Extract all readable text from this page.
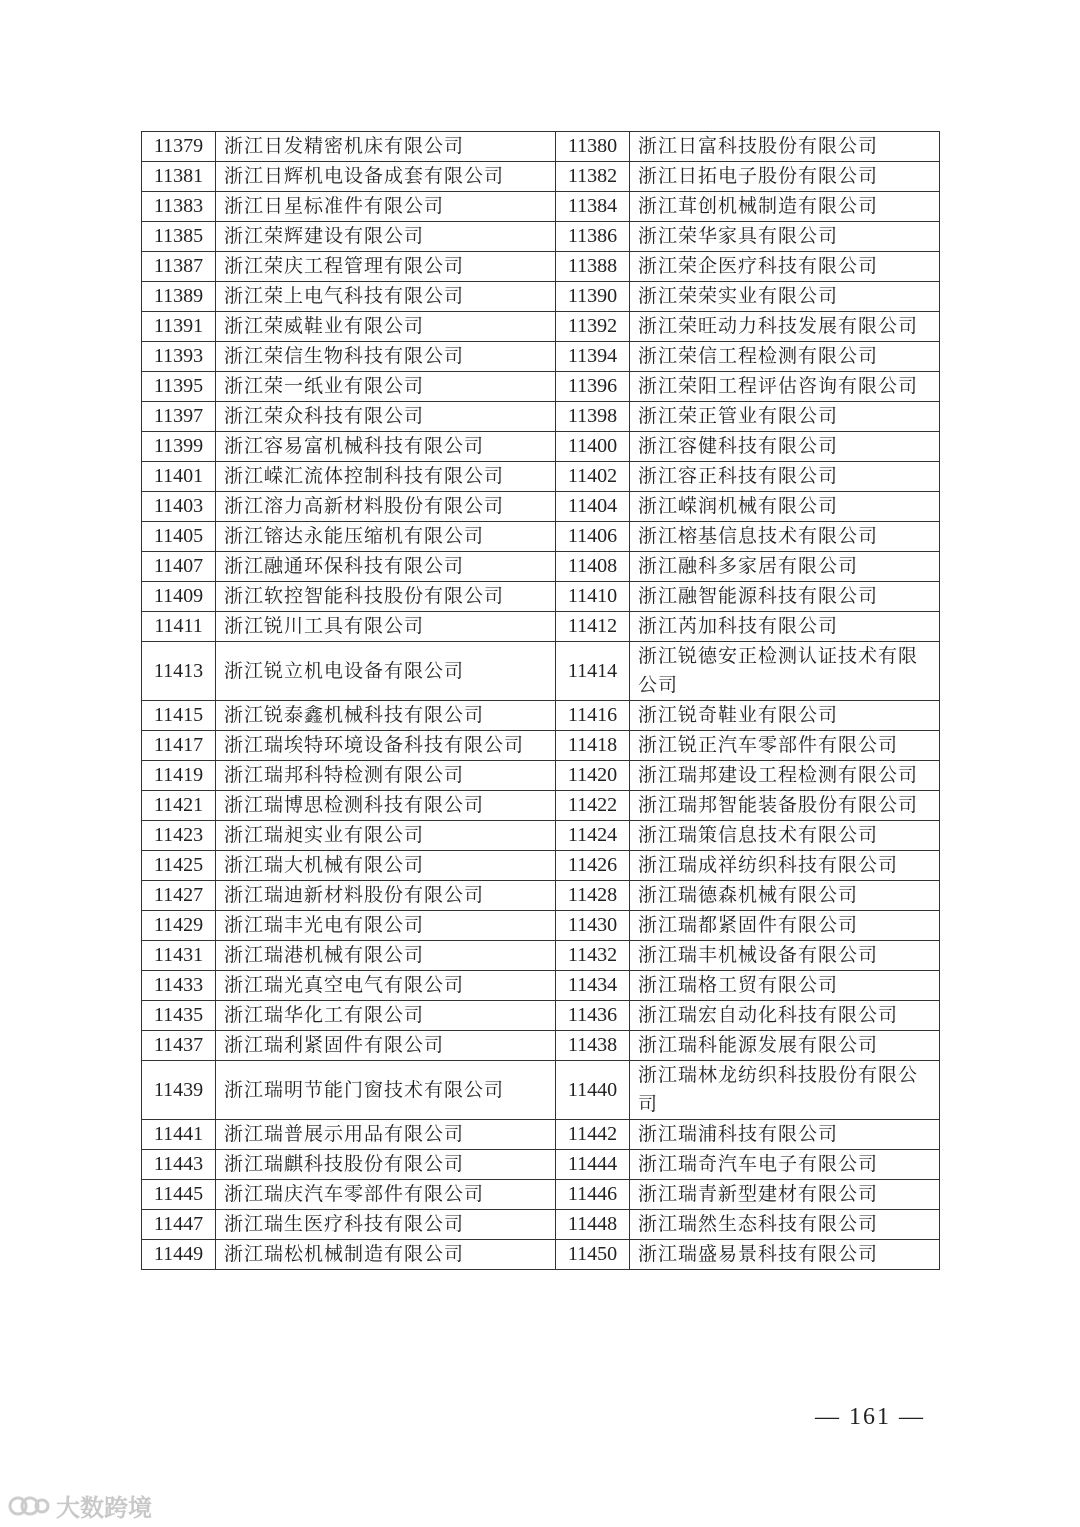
11379	浙江日发精密机床有限公司	11380	浙江日富科技股份有限公司
11381	浙江日辉机电设备成套有限公司	11382	浙江日拓电子股份有限公司
11383	浙江日星标准件有限公司	11384	浙江茸创机械制造有限公司
11385	浙江荣辉建设有限公司	11386	浙江荣华家具有限公司
11387	浙江荣庆工程管理有限公司	11388	浙江荣企医疗科技有限公司
11389	浙江荣上电气科技有限公司	11390	浙江荣荣实业有限公司
11391	浙江荣威鞋业有限公司	11392	浙江荣旺动力科技发展有限公司
11393	浙江荣信生物科技有限公司	11394	浙江荣信工程检测有限公司
11395	浙江荣一纸业有限公司	11396	浙江荣阳工程评估咨询有限公司
11397	浙江荣众科技有限公司	11398	浙江荣正管业有限公司
11399	浙江容易富机械科技有限公司	11400	浙江容健科技有限公司
11401	浙江嵘汇流体控制科技有限公司	11402	浙江容正科技有限公司
11403	浙江溶力高新材料股份有限公司	11404	浙江嵘润机械有限公司
11405	浙江镕达永能压缩机有限公司	11406	浙江榕基信息技术有限公司
11407	浙江融通环保科技有限公司	11408	浙江融科多家居有限公司
11409	浙江软控智能科技股份有限公司	11410	浙江融智能源科技有限公司
11411	浙江锐川工具有限公司	11412	浙江芮加科技有限公司
11413	浙江锐立机电设备有限公司	11414	浙江锐德安正检测认证技术有限公司
11415	浙江锐泰鑫机械科技有限公司	11416	浙江锐奇鞋业有限公司
11417	浙江瑞埃特环境设备科技有限公司	11418	浙江锐正汽车零部件有限公司
11419	浙江瑞邦科特检测有限公司	11420	浙江瑞邦建设工程检测有限公司
11421	浙江瑞博思检测科技有限公司	11422	浙江瑞邦智能装备股份有限公司
11423	浙江瑞昶实业有限公司	11424	浙江瑞策信息技术有限公司
11425	浙江瑞大机械有限公司	11426	浙江瑞成祥纺织科技有限公司
11427	浙江瑞迪新材料股份有限公司	11428	浙江瑞德森机械有限公司
11429	浙江瑞丰光电有限公司	11430	浙江瑞都紧固件有限公司
11431	浙江瑞港机械有限公司	11432	浙江瑞丰机械设备有限公司
11433	浙江瑞光真空电气有限公司	11434	浙江瑞格工贸有限公司
11435	浙江瑞华化工有限公司	11436	浙江瑞宏自动化科技有限公司
11437	浙江瑞利紧固件有限公司	11438	浙江瑞科能源发展有限公司
11439	浙江瑞明节能门窗技术有限公司	11440	浙江瑞林龙纺织科技股份有限公司
11441	浙江瑞普展示用品有限公司	11442	浙江瑞浦科技有限公司
11443	浙江瑞麒科技股份有限公司	11444	浙江瑞奇汽车电子有限公司
11445	浙江瑞庆汽车零部件有限公司	11446	浙江瑞青新型建材有限公司
11447	浙江瑞生医疗科技有限公司	11448	浙江瑞然生态科技有限公司
11449	浙江瑞松机械制造有限公司	11450	浙江瑞盛易景科技有限公司
— 161 —
大数跨境
